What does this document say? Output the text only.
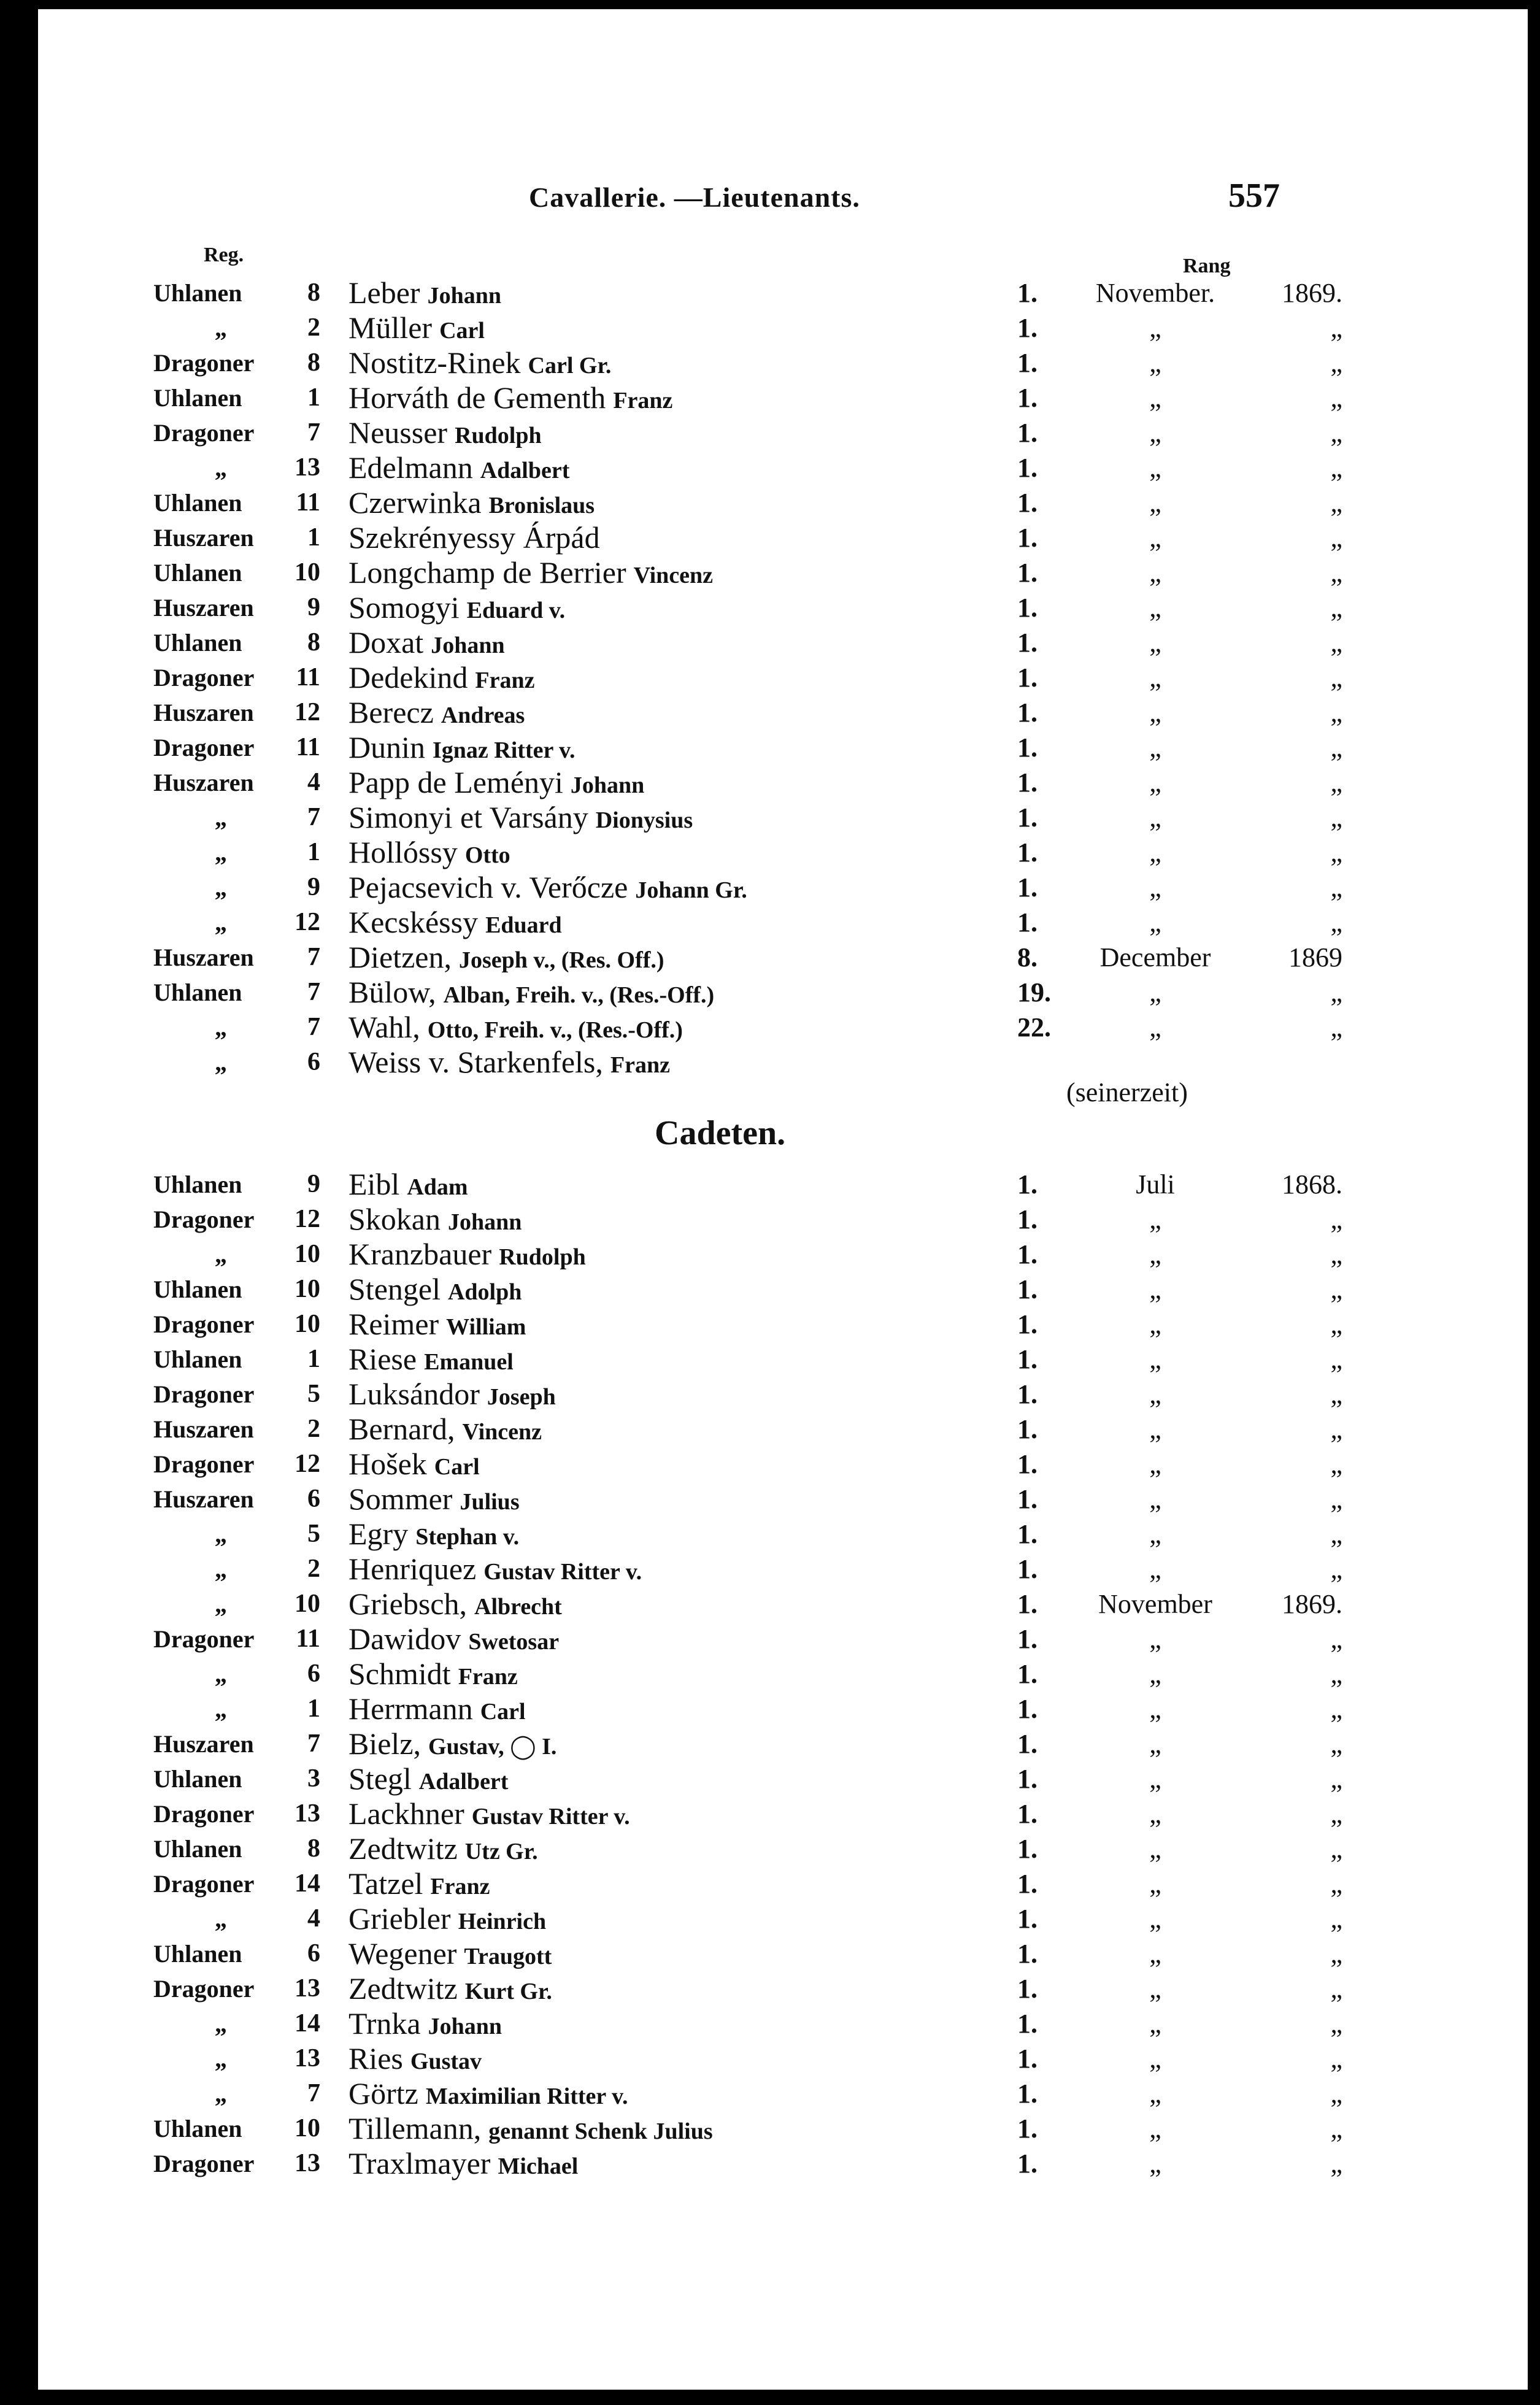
Cavallerie. —Lieutenants.	557
Reg.	Rang
Uhlanen	8 Leber Johann	1.	November.	1869.
„	2 Müller Carl	1.	„	„
Dragoner	8 Nostitz-Rinek Carl Gr.	1.	„	„
Uhlanen	1 Horváth de Gementh Franz	1.	„	„
Dragoner	7 Neusser Rudolph	1.	„	„
„	13 Edelmann Adalbert	1.	„	„
Uhlanen	11 Czerwinka Bronislaus	1.	„	„
Huszaren	1 Szekrényessy Árpád	1.	„	„
Uhlanen	10 Longchamp de Berrier Vincenz	1.	„	„
Huszaren	9 Somogyi Eduard v.	1.	„	„
Uhlanen	8 Doxat Johann	1.	„	„
Dragoner	11 Dedekind Franz	1.	„	„
Huszaren	12 Berecz Andreas	1.	„	„
Dragoner	11 Dunin Ignaz Ritter v.	1.	„	„
Huszaren	4 Papp de Leményi Johann	1.	„	„
„	7 Simonyi et Varsány Dionysius	1.	„	„
„	1 Hollóssy Otto	1.	„	„
„	9 Pejacsevich v. Verőcze Johann Gr.	1.	„	„
„	12 Kecskéssy Eduard	1.	„	„
Huszaren	7 Dietzen, Joseph v., (Res. Off.)	8.	December	1869
Uhlanen	7 Bülow, Alban, Freih. v., (Res.-Off.)	19.	„	„
„	7 Wahl, Otto, Freih. v., (Res.-Off.)	22.	„	„
„	6 Weiss v. Starkenfels, Franz
(seinerzeit)
Cadeten.
Uhlanen	9 Eibl Adam	1.	Juli	1868.
Dragoner	12 Skokan Johann	1.	„	„
„	10 Kranzbauer Rudolph	1.	„	„
Uhlanen	10 Stengel Adolph	1.	„	„
Dragoner	10 Reimer William	1.	„	„
Uhlanen	1 Riese Emanuel	1.	„	„
Dragoner	5 Luksándor Joseph	1.	„	„
Huszaren	2 Bernard, Vincenz	1.	„	„
Dragoner	12 Hošek Carl	1.	„	„
Huszaren	6 Sommer Julius	1.	„	„
„	5 Egry Stephan v.	1.	„	„
„	2 Henriquez Gustav Ritter v.	1.	„	„
„	10 Griebsch, Albrecht	1.	November	1869.
Dragoner	11 Dawidov Swetosar	1.	„	„
„	6 Schmidt Franz	1.	„	„
„	1 Herrmann Carl	1.	„	„
Huszaren	7 Bielz, Gustav, ◯ I.	1.	„	„
Uhlanen	3 Stegl Adalbert	1.	„	„
Dragoner	13 Lackhner Gustav Ritter v.	1.	„	„
Uhlanen	8 Zedtwitz Utz Gr.	1.	„	„
Dragoner	14 Tatzel Franz	1.	„	„
„	4 Griebler Heinrich	1.	„	„
Uhlanen	6 Wegener Traugott	1.	„	„
Dragoner	13 Zedtwitz Kurt Gr.	1.	„	„
„	14 Trnka Johann	1.	„	„
„	13 Ries Gustav	1.	„	„
„	7 Görtz Maximilian Ritter v.	1.	„	„
Uhlanen	10 Tillemann, genannt Schenk Julius	1.	„	„
Dragoner	13 Traxlmayer Michael	1.	„	„
